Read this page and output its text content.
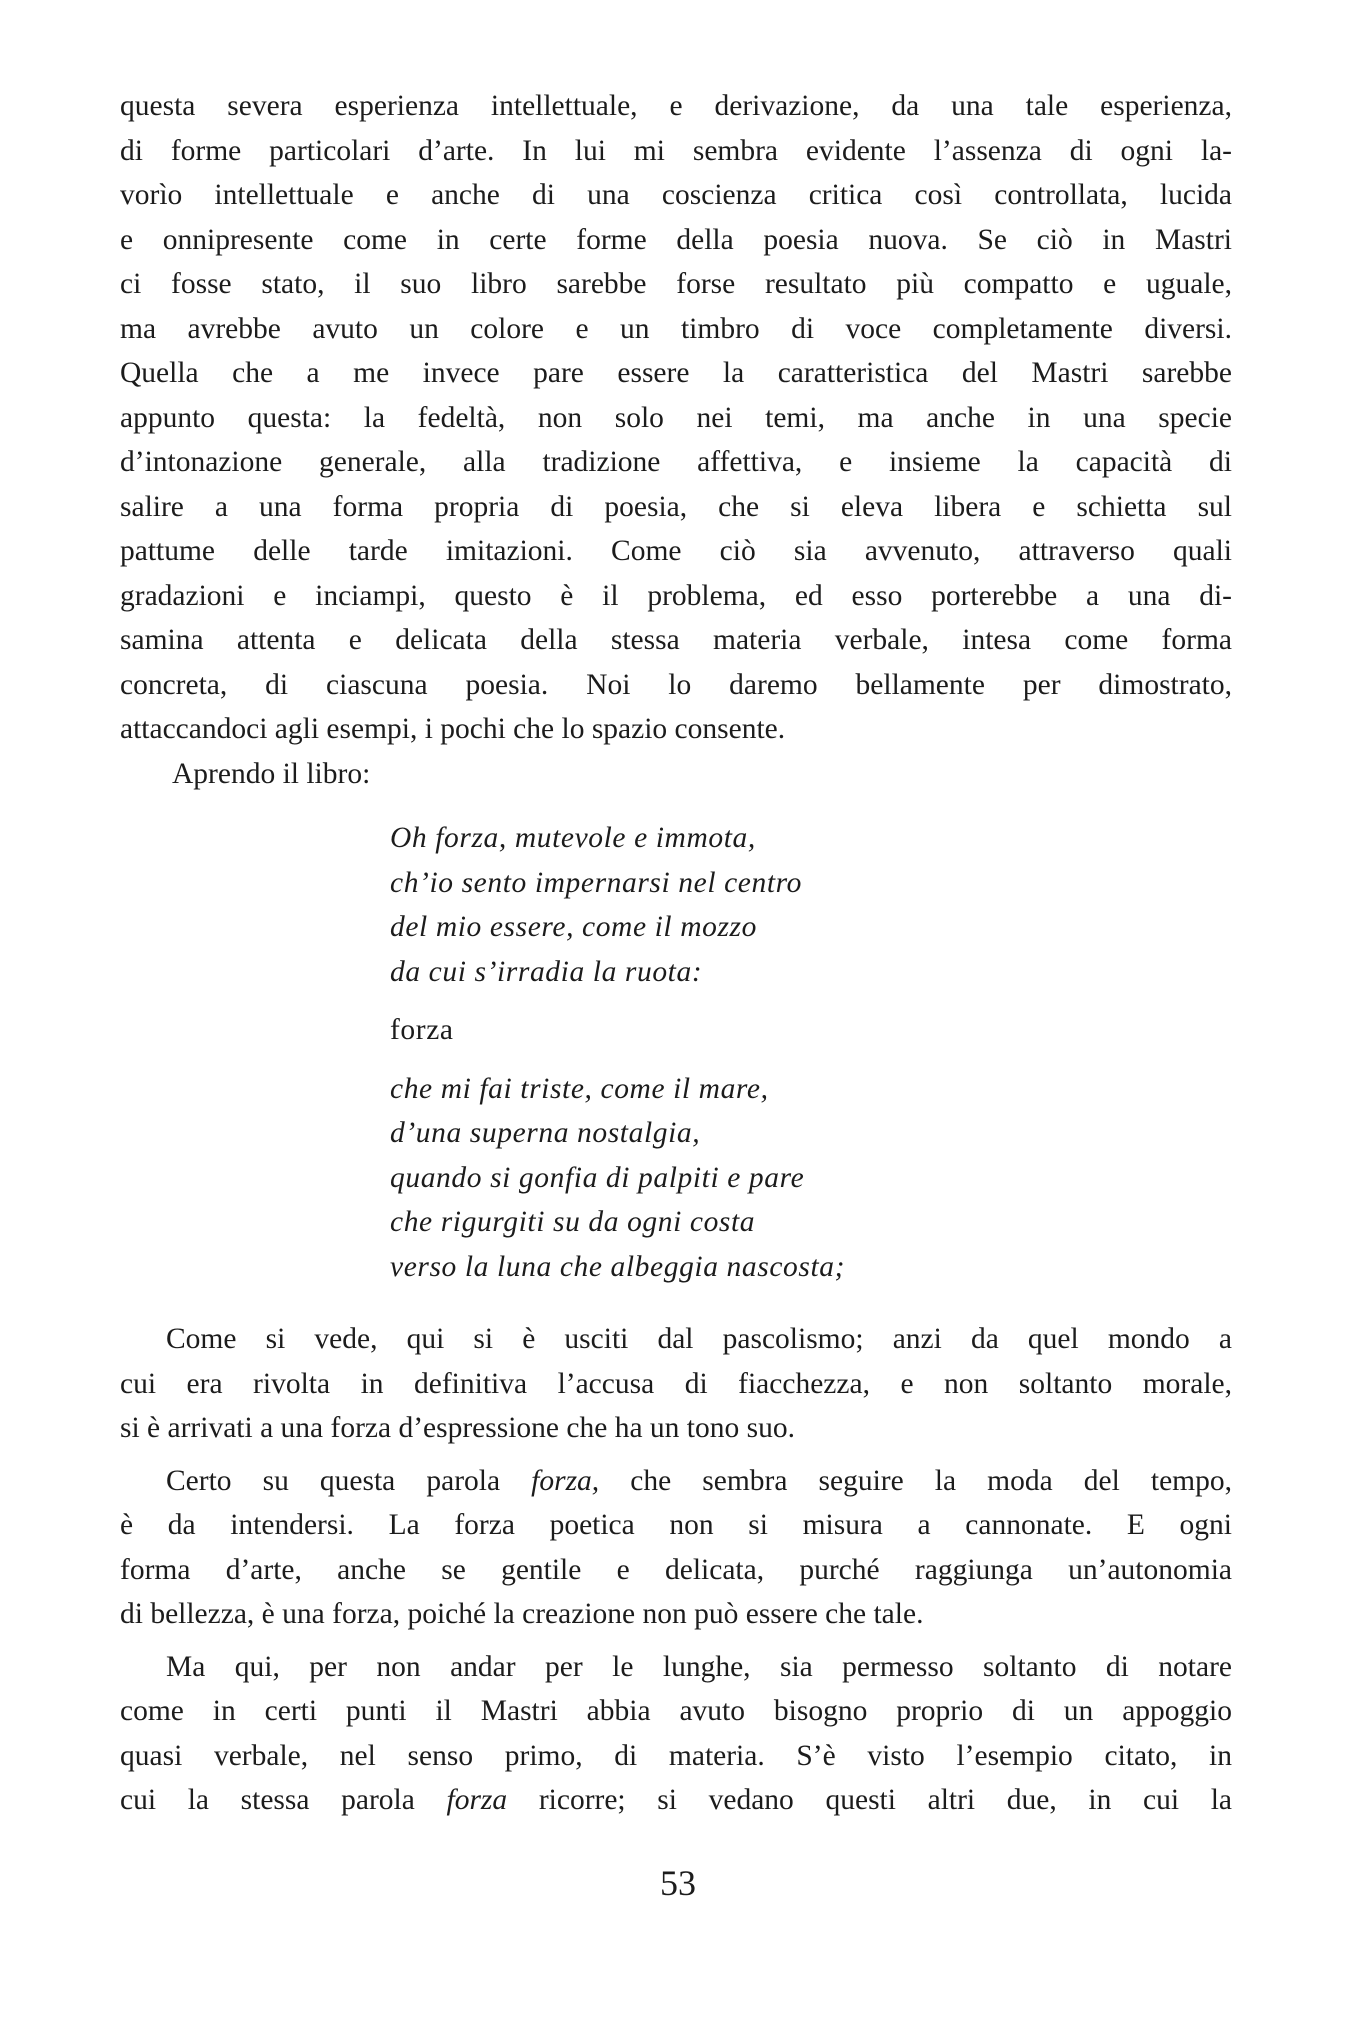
questa severa esperienza intellettuale, e derivazione, da una tale esperienza,
di forme particolari d’arte. In lui mi sembra evidente l’assenza di ogni la-
vorìo intellettuale e anche di una coscienza critica così controllata, lucida
e onnipresente come in certe forme della poesia nuova. Se ciò in Mastri
ci fosse stato, il suo libro sarebbe forse resultato più compatto e uguale,
ma avrebbe avuto un colore e un timbro di voce completamente diversi.
Quella che a me invece pare essere la caratteristica del Mastri sarebbe
appunto questa: la fedeltà, non solo nei temi, ma anche in una specie
d’intonazione generale, alla tradizione affettiva, e insieme la capacità di
salire a una forma propria di poesia, che si eleva libera e schietta sul
pattume delle tarde imitazioni. Come ciò sia avvenuto, attraverso quali
gradazioni e inciampi, questo è il problema, ed esso porterebbe a una di-
samina attenta e delicata della stessa materia verbale, intesa come forma
concreta, di ciascuna poesia. Noi lo daremo bellamente per dimostrato,
attaccandoci agli esempi, i pochi che lo spazio consente.

Aprendo il libro:

Oh forza, mutevole e immota,
ch’io sento impernarsi nel centro
del mio essere, come il mozzo
da cui s’irradia la ruota:
forza
che mi fai triste, come il mare,
d’una superna nostalgia,
quando si gonfia di palpiti e pare
che rigurgiti su da ogni costa
verso la luna che albeggia nascosta;
Come si vede, qui si è usciti dal pascolismo; anzi da quel mondo a
cui era rivolta in definitiva l’accusa di fiacchezza, e non soltanto morale,
si è arrivati a una forza d’espressione che ha un tono suo.
Certo su questa parola forza, che sembra seguire la moda del tempo,
è da intendersi. La forza poetica non si misura a cannonate. E ogni
forma d’arte, anche se gentile e delicata, purché raggiunga un’autonomia
di bellezza, è una forza, poiché la creazione non può essere che tale.
Ma qui, per non andar per le lunghe, sia permesso soltanto di notare
come in certi punti il Mastri abbia avuto bisogno proprio di un appoggio
quasi verbale, nel senso primo, di materia. S’è visto l’esempio citato, in
cui la stessa parola forza ricorre; si vedano questi altri due, in cui la
53
